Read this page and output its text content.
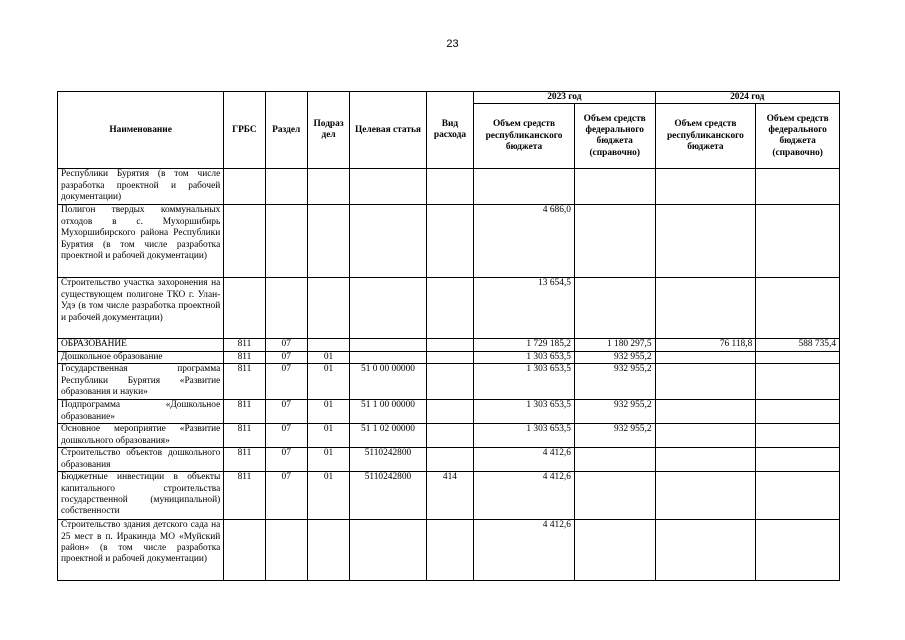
23
Наименование	ГРБС	Раздел	Подраз дел	Целевая статья	Вид расхода	2023 год		2024 год	
						Объем средств республиканского бюджета	Объем средств федерального бюджета (справочно)	Объем средств республиканского бюджета	Объем средств федерального бюджета (справочно)
Республики Бурятия (в том числе разработка проектной и рабочей документации)									
Полигон твердых коммунальных отходов в с. Мухоршибирь Мухоршибирского района Республики Бурятия (в том числе разработка проектной и рабочей документации)						4 686,0			
Строительство участка захоронения на существующем полигоне ТКО г. Улан-Удэ (в том числе разработка проектной и рабочей документации)						13 654,5			
ОБРАЗОВАНИЕ	811	07				1 729 185,2	1 180 297,5	76 118,8	588 735,4
Дошкольное образование	811	07	01			1 303 653,5	932 955,2		
Государственная программа Республики Бурятия «Развитие образования и науки»	811	07	01	51 0 00 00000		1 303 653,5	932 955,2		
Подпрограмма «Дошкольное образование»	811	07	01	51 1 00 00000		1 303 653,5	932 955,2		
Основное мероприятие «Развитие дошкольного образования»	811	07	01	51 1 02 00000		1 303 653,5	932 955,2		
Строительство объектов дошкольного образования	811	07	01	5110242800		4 412,6			
Бюджетные инвестиции в объекты капитального строительства государственной (муниципальной) собственности	811	07	01	5110242800	414	4 412,6			
Строительство здания детского сада на 25 мест в п. Иракинда МО «Муйский район» (в том числе разработка проектной и рабочей документации)						4 412,6			
